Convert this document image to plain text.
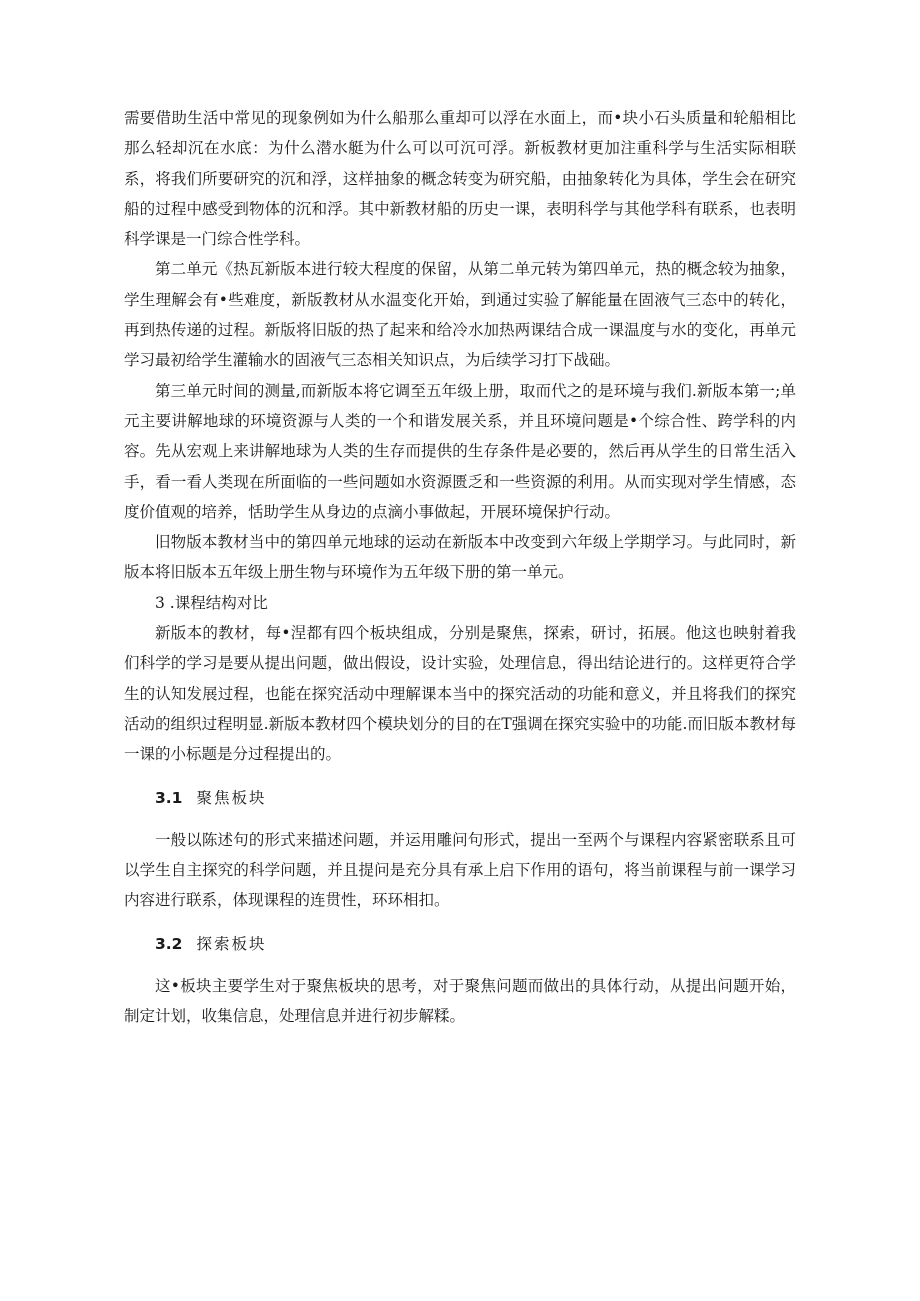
需要借助生活中常见的现象例如为什么船那么重却可以浮在水面上，而•块小石头质量和轮船相比那么轻却沉在水底：为什么潜水艇为什么可以可沉可浮。新板教材更加注重科学与生活实际相联系，将我们所要研究的沉和浮，这样抽象的概念转变为研究船，由抽象转化为具体，学生会在研究船的过程中感受到物体的沉和浮。其中新教材船的历史一课，表明科学与其他学科有联系，也表明科学课是一门综合性学科。

第二单元《热瓦新版本进行较大程度的保留，从第二单元转为第四单元，热的概念较为抽象，学生理解会有•些难度，新版教材从水温变化开始，到通过实验了解能量在固液气三态中的转化，再到热传递的过程。新版将旧版的热了起来和给冷水加热两课结合成一课温度与水的变化，再单元学习最初给学生灌输水的固液气三态相关知识点，为后续学习打下战础。

第三单元时间的测量,而新版本将它调至五年级上册，取而代之的是环境与我们.新版本第一;单元主要讲解地球的环境资源与人类的一个和谐发展关系，并且环境问题是•个综合性、跨学科的内容。先从宏观上来讲解地球为人类的生存而提供的生存条件是必要的，然后再从学生的日常生活入手，看一看人类现在所面临的一些问题如水资源匮乏和一些资源的利用。从而实现对学生情感，态度价值观的培养，恬助学生从身边的点滴小事做起，开展环境保护行动。

旧物版本教材当中的第四单元地球的运动在新版本中改变到六年级上学期学习。与此同时，新版本将旧版本五年级上册生物与环境作为五年级下册的第一单元。

3 .课程结构对比

新版本的教材，每•涅都有四个板块组成，分别是聚焦，探索，研讨，拓展。他这也映射着我们科学的学习是要从提出问题，做出假设，设计实验，处理信息，得出结论进行的。这样更符合学生的认知发展过程，也能在探究活动中理解课本当中的探究活动的功能和意义，并且将我们的探究活动的组织过程明显.新版本教材四个模块划分的目的在T强调在探究实验中的功能.而旧版本教材每一课的小标题是分过程提出的。

3.1 聚焦板块

一般以陈述句的形式来描述问题，并运用雕问句形式，提出一至两个与课程内容紧密联系且可以学生自主探究的科学问题，并且提问是充分具有承上启下作用的语句，将当前课程与前一课学习内容进行联系，体现课程的连贯性，环环相扣。

3.2 探索板块

这•板块主要学生对于聚焦板块的思考，对于聚焦问题而做出的具体行动，从提出问题开始，制定计划，收集信息，处理信息并进行初步解糅。
